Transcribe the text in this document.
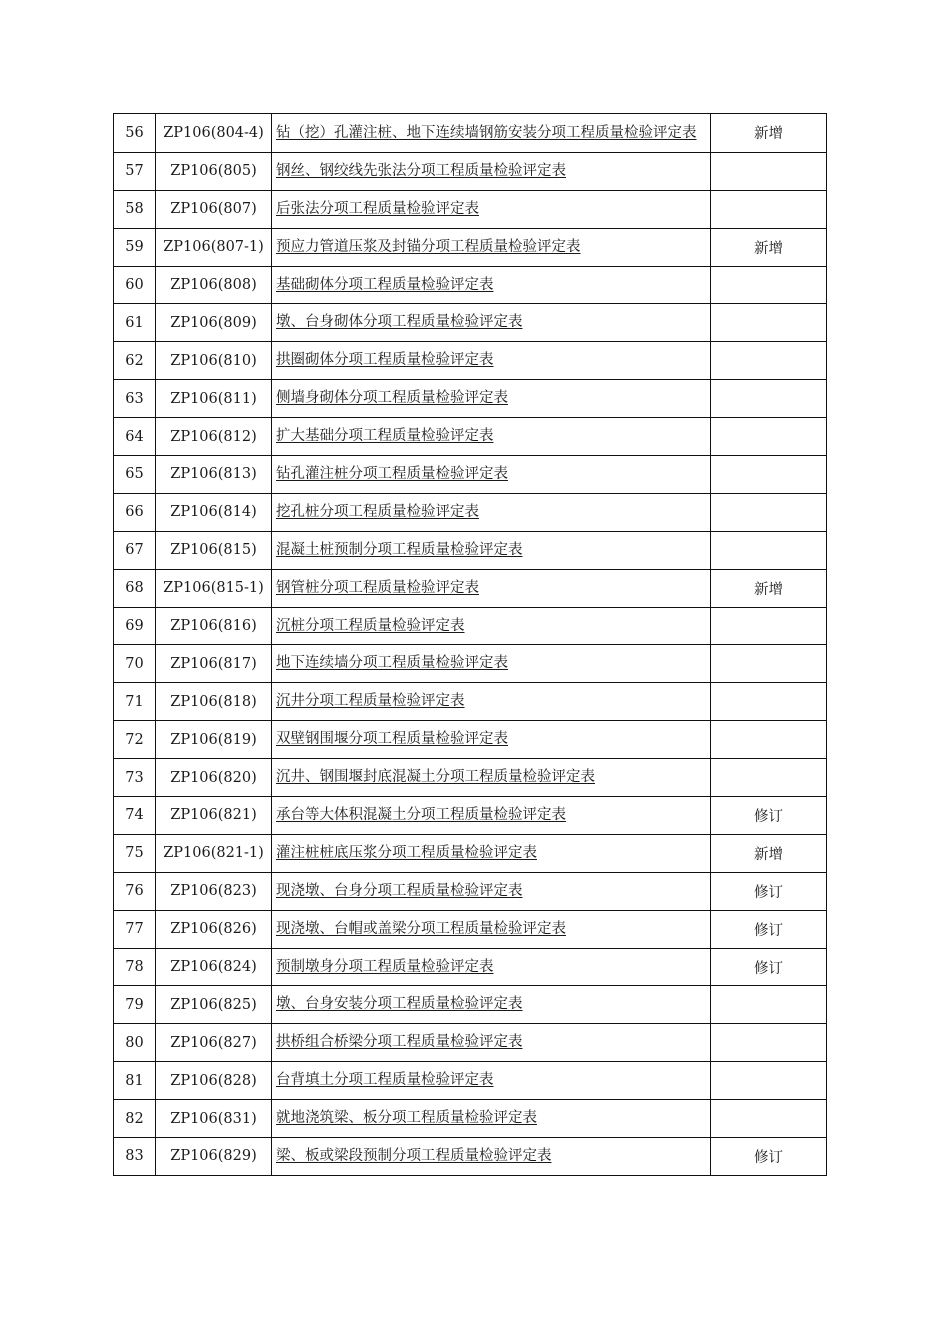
56	ZP106(804-4)	钻（挖）孔灌注桩、地下连续墙钢筋安装分项工程质量检验评定表	新增
57	ZP106(805)	钢丝、钢绞线先张法分项工程质量检验评定表	
58	ZP106(807)	后张法分项工程质量检验评定表	
59	ZP106(807-1)	预应力管道压浆及封锚分项工程质量检验评定表	新增
60	ZP106(808)	基础砌体分项工程质量检验评定表	
61	ZP106(809)	墩、台身砌体分项工程质量检验评定表	
62	ZP106(810)	拱圈砌体分项工程质量检验评定表	
63	ZP106(811)	侧墙身砌体分项工程质量检验评定表	
64	ZP106(812)	扩大基础分项工程质量检验评定表	
65	ZP106(813)	钻孔灌注桩分项工程质量检验评定表	
66	ZP106(814)	挖孔桩分项工程质量检验评定表	
67	ZP106(815)	混凝土桩预制分项工程质量检验评定表	
68	ZP106(815-1)	钢管桩分项工程质量检验评定表	新增
69	ZP106(816)	沉桩分项工程质量检验评定表	
70	ZP106(817)	地下连续墙分项工程质量检验评定表	
71	ZP106(818)	沉井分项工程质量检验评定表	
72	ZP106(819)	双壁钢围堰分项工程质量检验评定表	
73	ZP106(820)	沉井、钢围堰封底混凝土分项工程质量检验评定表	
74	ZP106(821)	承台等大体积混凝土分项工程质量检验评定表	修订
75	ZP106(821-1)	灌注桩桩底压浆分项工程质量检验评定表	新增
76	ZP106(823)	现浇墩、台身分项工程质量检验评定表	修订
77	ZP106(826)	现浇墩、台帽或盖梁分项工程质量检验评定表	修订
78	ZP106(824)	预制墩身分项工程质量检验评定表	修订
79	ZP106(825)	墩、台身安装分项工程质量检验评定表	
80	ZP106(827)	拱桥组合桥梁分项工程质量检验评定表	
81	ZP106(828)	台背填土分项工程质量检验评定表	
82	ZP106(831)	就地浇筑梁、板分项工程质量检验评定表	
83	ZP106(829)	梁、板或梁段预制分项工程质量检验评定表	修订
